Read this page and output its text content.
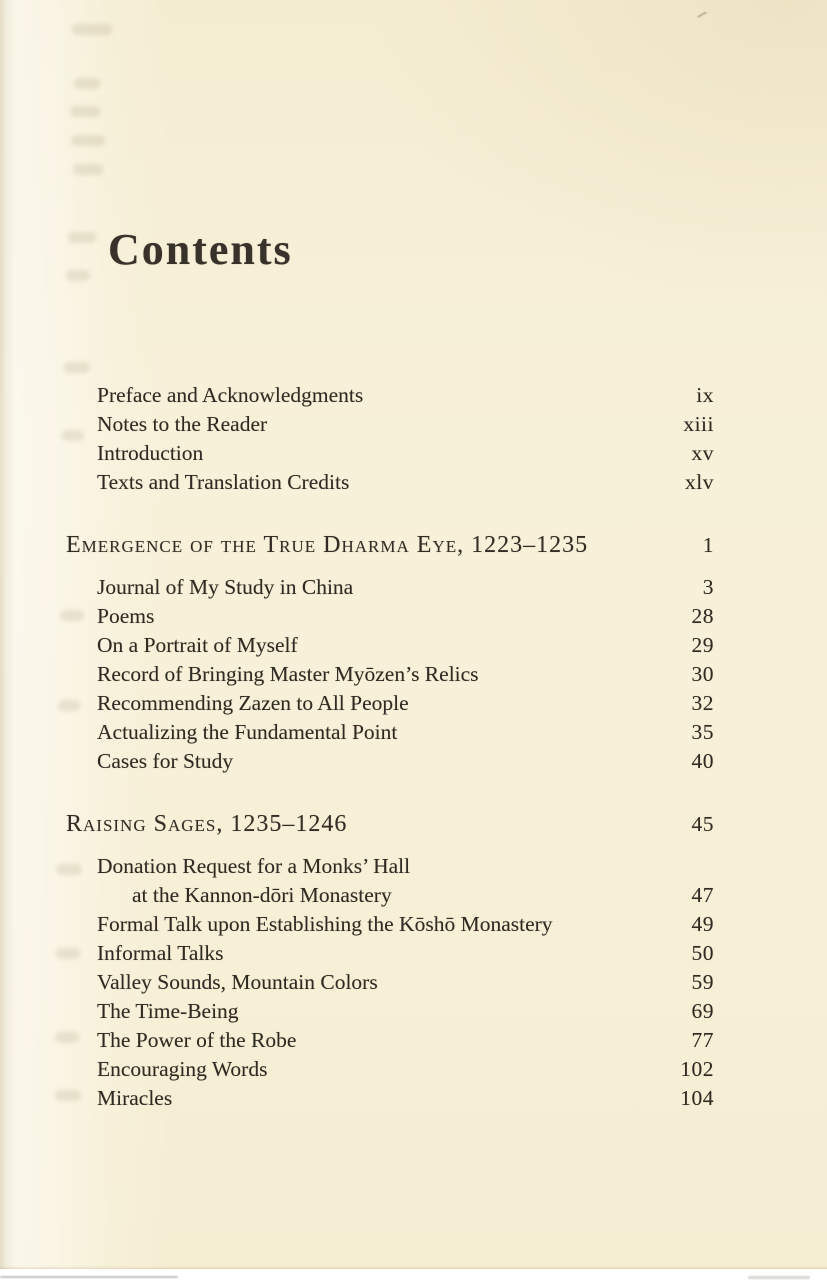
Contents
Preface and Acknowledgments	ix
Notes to the Reader	xiii
Introduction	xv
Texts and Translation Credits	xlv
Emergence of the True Dharma Eye, 1223–1235	1
Journal of My Study in China	3
Poems	28
On a Portrait of Myself	29
Record of Bringing Master Myōzen’s Relics	30
Recommending Zazen to All People	32
Actualizing the Fundamental Point	35
Cases for Study	40
Raising Sages, 1235–1246	45
Donation Request for a Monks’ Hall
at the Kannon-dōri Monastery	47
Formal Talk upon Establishing the Kōshō Monastery	49
Informal Talks	50
Valley Sounds, Mountain Colors	59
The Time-Being	69
The Power of the Robe	77
Encouraging Words	102
Miracles	104
